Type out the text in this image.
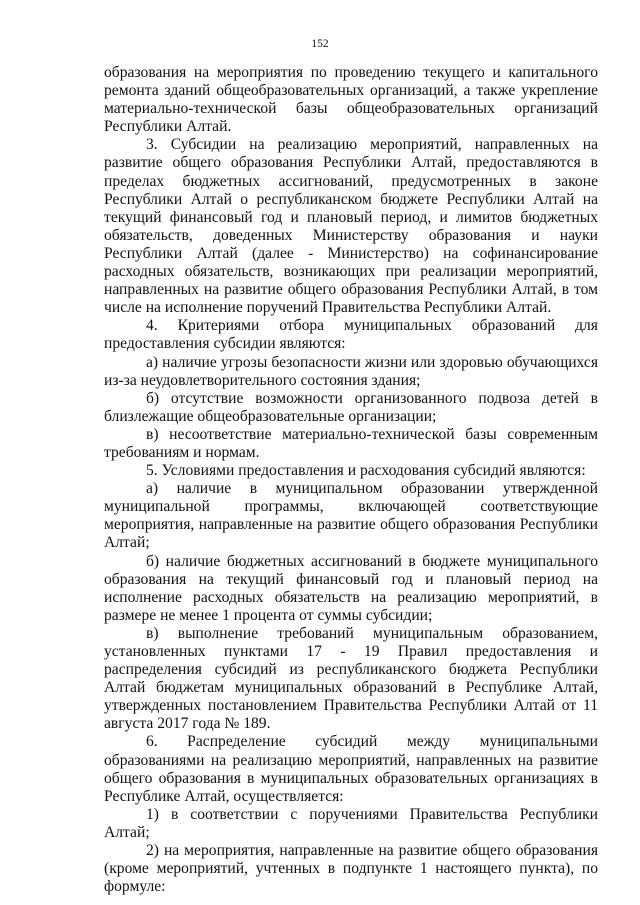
152

образования на мероприятия по проведению текущего и капитального ремонта зданий общеобразовательных организаций, а также укрепление материально-технической базы общеобразовательных организаций Республики Алтай.

3. Субсидии на реализацию мероприятий, направленных на развитие общего образования Республики Алтай, предоставляются в пределах бюджетных ассигнований, предусмотренных в законе Республики Алтай о республиканском бюджете Республики Алтай на текущий финансовый год и плановый период, и лимитов бюджетных обязательств, доведенных Министерству образования и науки Республики Алтай (далее - Министерство) на софинансирование расходных обязательств, возникающих при реализации мероприятий, направленных на развитие общего образования Республики Алтай, в том числе на исполнение поручений Правительства Республики Алтай.

4. Критериями отбора муниципальных образований для предоставления субсидии являются:

а) наличие угрозы безопасности жизни или здоровью обучающихся из-за неудовлетворительного состояния здания;

б) отсутствие возможности организованного подвоза детей в близлежащие общеобразовательные организации;

в) несоответствие материально-технической базы современным требованиям и нормам.

5. Условиями предоставления и расходования субсидий являются:

а) наличие в муниципальном образовании утвержденной муниципальной программы, включающей соответствующие мероприятия, направленные на развитие общего образования Республики Алтай;

б) наличие бюджетных ассигнований в бюджете муниципального образования на текущий финансовый год и плановый период на исполнение расходных обязательств на реализацию мероприятий, в размере не менее 1 процента от суммы субсидии;

в) выполнение требований муниципальным образованием, установленных пунктами 17 - 19 Правил предоставления и распределения субсидий из республиканского бюджета Республики Алтай бюджетам муниципальных образований в Республике Алтай, утвержденных постановлением Правительства Республики Алтай от 11 августа 2017 года № 189.

6. Распределение субсидий между муниципальными образованиями на реализацию мероприятий, направленных на развитие общего образования в муниципальных образовательных организациях в Республике Алтай, осуществляется:

1) в соответствии с поручениями Правительства Республики Алтай;

2) на мероприятия, направленные на развитие общего образования (кроме мероприятий, учтенных в подпункте 1 настоящего пункта), по формуле:
